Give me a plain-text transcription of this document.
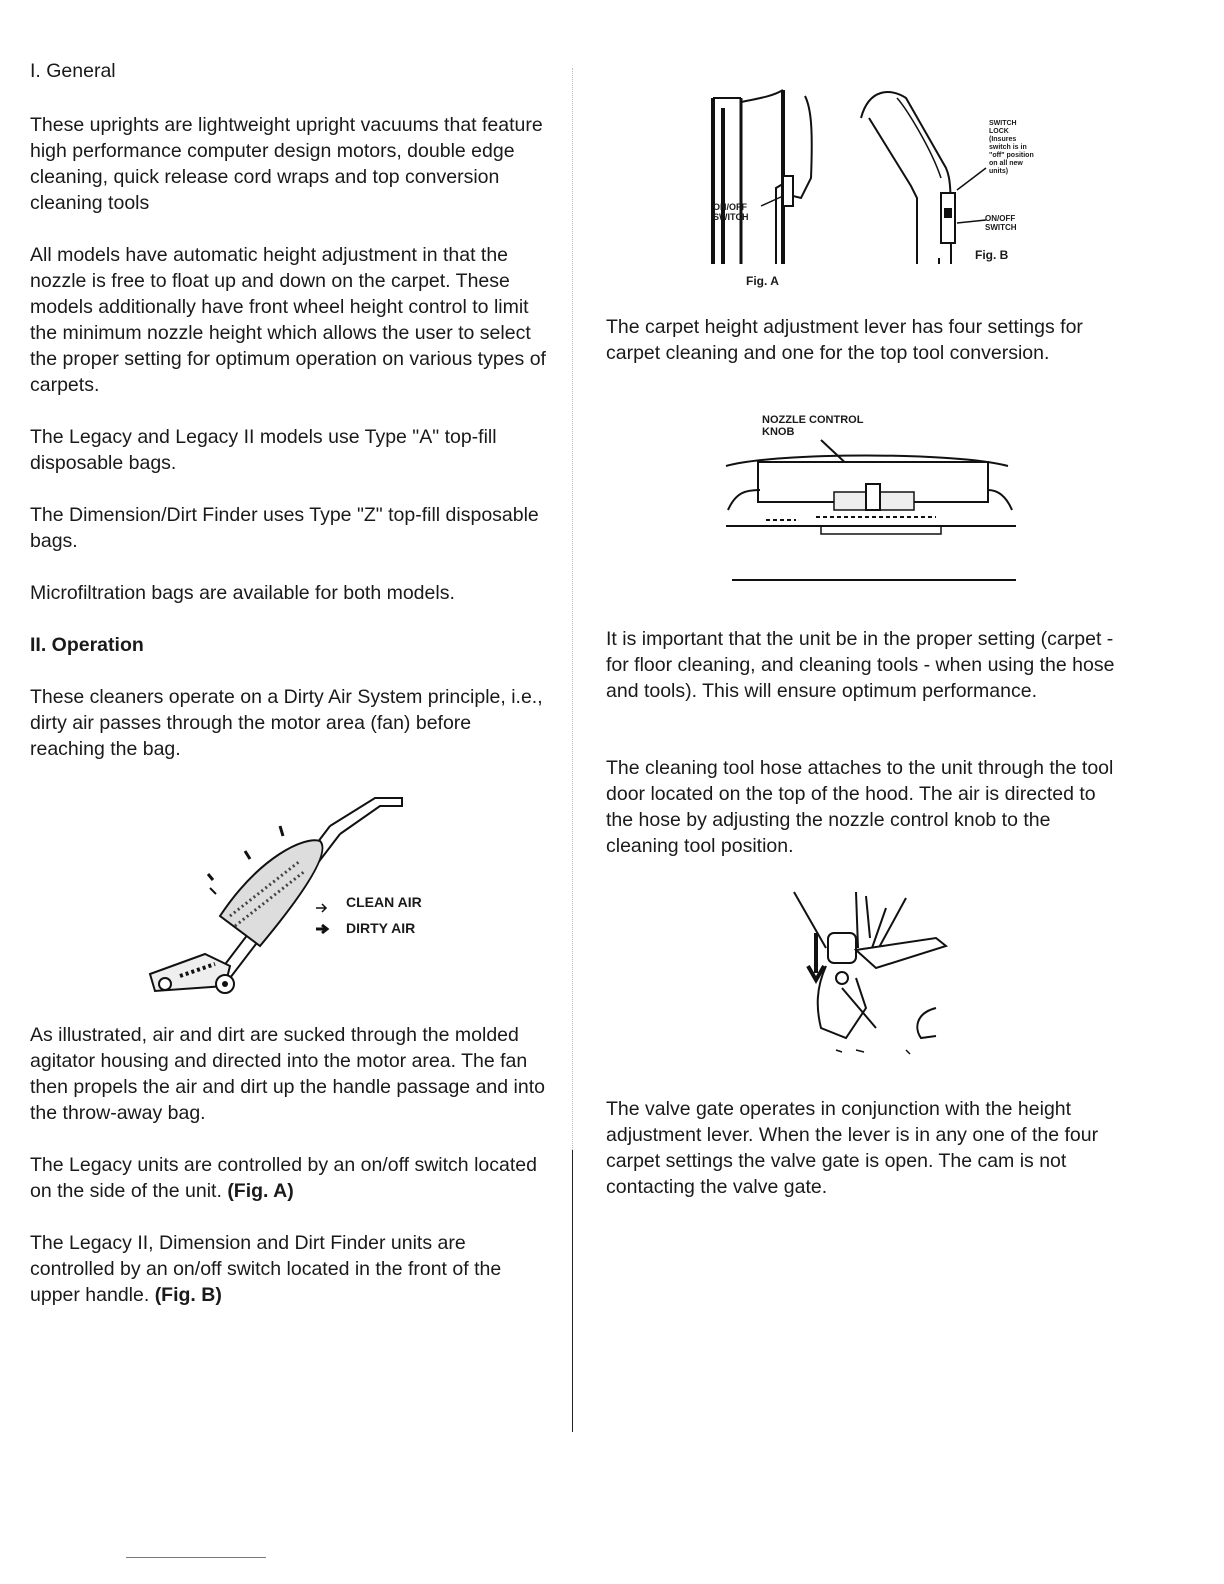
I. General

These uprights are lightweight upright vacuums that feature high performance computer design motors, double edge cleaning, quick release cord wraps and top conversion cleaning tools

All models have automatic height adjustment in that the nozzle is free to float up and down on the carpet. These models additionally have front wheel height control to limit the minimum nozzle height which allows the user to select the proper setting for optimum operation on various types of carpets.

The Legacy and Legacy II models use Type "A" top-fill disposable bags.

The Dimension/Dirt Finder uses Type "Z" top-fill disposable bags.

Microfiltration bags are available for both models.

II. Operation

These cleaners operate on a Dirty Air System principle, i.e., dirty air passes through the motor area (fan) before reaching the bag.

CLEAN AIR
DIRTY AIR

As illustrated, air and dirt are sucked through the molded agitator housing and directed into the motor area. The fan then propels the air and dirt up the handle passage and into the throw-away bag.

The Legacy units are controlled by an on/off switch located on the side of the unit. (Fig. A)

The Legacy II, Dimension and Dirt Finder units are controlled by an on/off switch located in the front of the upper handle. (Fig. B)

ON/OFF
SWITCH
Fig. A
SWITCH
LOCK
(Insures
switch is in
"off" position
on all new
units)
ON/OFF
SWITCH
Fig. B

The carpet height adjustment lever has four settings for carpet cleaning and one for the top tool conversion.

NOZZLE CONTROL
KNOB

It is important that the unit be in the proper setting (carpet - for floor cleaning, and cleaning tools - when using the hose and tools). This will ensure optimum performance.

The cleaning tool hose attaches to the unit through the tool door located on the top of the hood. The air is directed to the hose by adjusting the nozzle control knob to the cleaning tool position.

The valve gate operates in conjunction with the height adjustment lever. When the lever is in any one of the four carpet settings the valve gate is open. The cam is not contacting the valve gate.
